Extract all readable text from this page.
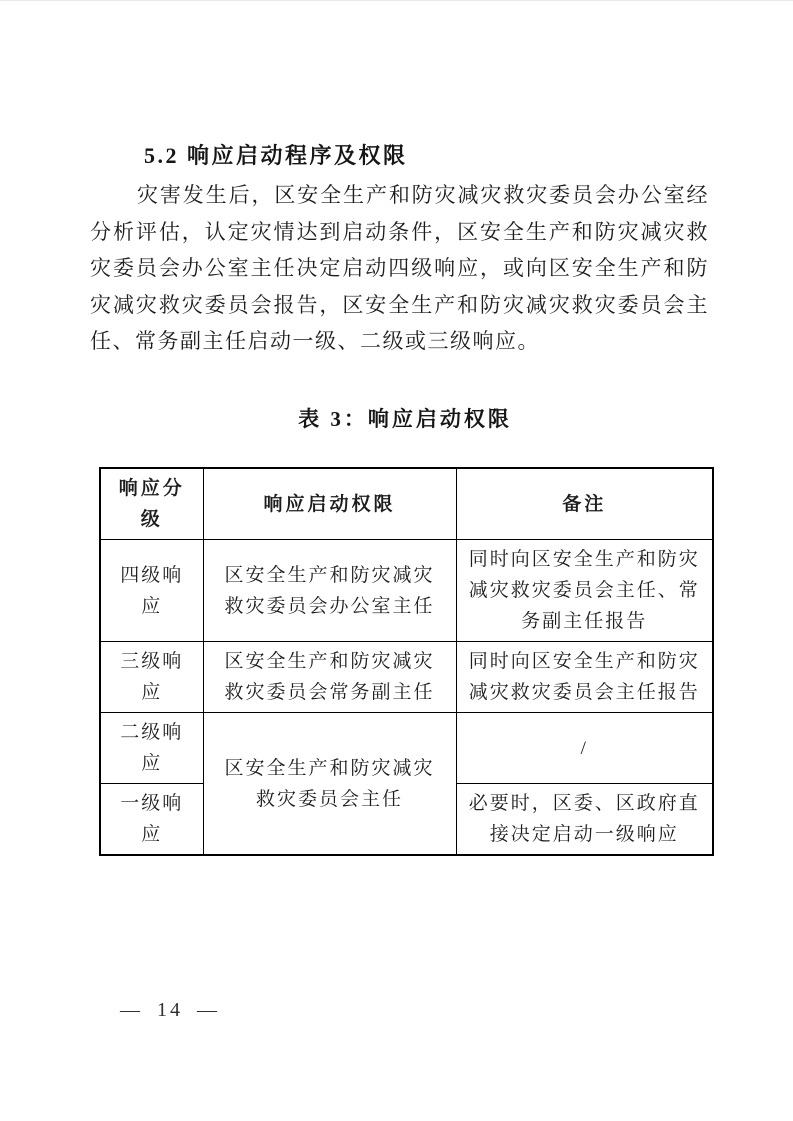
5.2 响应启动程序及权限

灾害发生后，区安全生产和防灾减灾救灾委员会办公室经分析评估，认定灾情达到启动条件，区安全生产和防灾减灾救灾委员会办公室主任决定启动四级响应，或向区安全生产和防灾减灾救灾委员会报告，区安全生产和防灾减灾救灾委员会主任、常务副主任启动一级、二级或三级响应。

表 3：响应启动权限
响应分级	响应启动权限	备注
四级响应	区安全生产和防灾减灾救灾委员会办公室主任	同时向区安全生产和防灾减灾救灾委员会主任、常务副主任报告
三级响应	区安全生产和防灾减灾救灾委员会常务副主任	同时向区安全生产和防灾减灾救灾委员会主任报告
二级响应	区安全生产和防灾减灾救灾委员会主任	/
一级响应		必要时，区委、区政府直接决定启动一级响应
— 14 —
